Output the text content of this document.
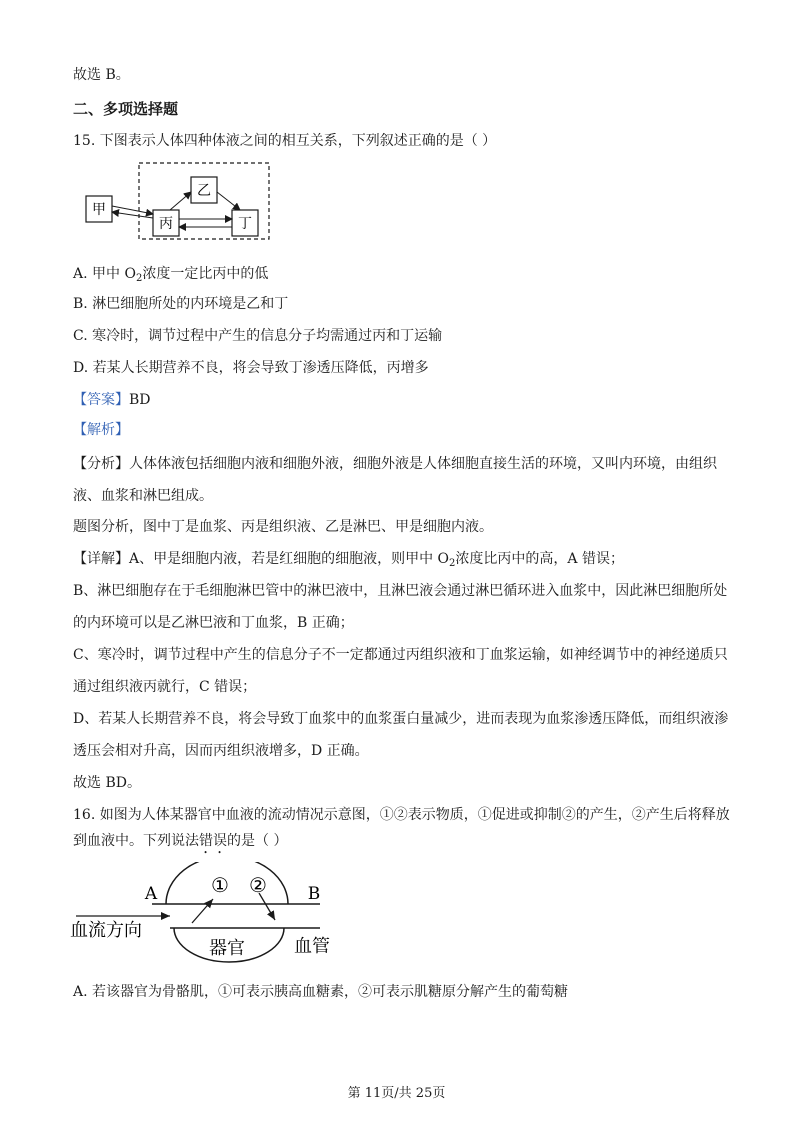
故选 B。
二、多项选择题
15. 下图表示人体四种体液之间的相互关系，下列叙述正确的是（ ）
甲
乙
丙	丁
A. 甲中 $O_2$浓度一定比丙中的低
B. 淋巴细胞所处的内环境是乙和丁
C. 寒冷时，调节过程中产生的信息分子均需通过丙和丁运输
D. 若某人长期营养不良，将会导致丁渗透压降低，丙增多
【答案】BD
【解析】
【分析】人体体液包括细胞内液和细胞外液，细胞外液是人体细胞直接生活的环境，又叫内环境，由组织
液、血浆和淋巴组成。
题图分析，图中丁是血浆、丙是组织液、乙是淋巴、甲是细胞内液。
【详解】A、甲是细胞内液，若是红细胞的细胞液，则甲中 $O_2$浓度比丙中的高，A 错误；
B、淋巴细胞存在于毛细胞淋巴管中的淋巴液中，且淋巴液会通过淋巴循环进入血浆中，因此淋巴细胞所处
的内环境可以是乙淋巴液和丁血浆，B 正确；
C、寒冷时，调节过程中产生的信息分子不一定都通过丙组织液和丁血浆运输，如神经调节中的神经递质只
通过组织液丙就行，C 错误；
D、若某人长期营养不良，将会导致丁血浆中的血浆蛋白量减少，进而表现为血浆渗透压降低，而组织液渗
透压会相对升高，因而丙组织液增多，D 正确。
故选 BD。
16. 如图为人体某器官中血液的流动情况示意图，①②表示物质，①促进或抑制②的产生，②产生后将释放
到血液中。下列说法错误的是（ ）
A	B
① ②
血流方向
器官	血管
A. 若该器官为骨骼肌，①可表示胰高血糖素，②可表示肌糖原分解产生的葡萄糖
第 11页/共 25页
